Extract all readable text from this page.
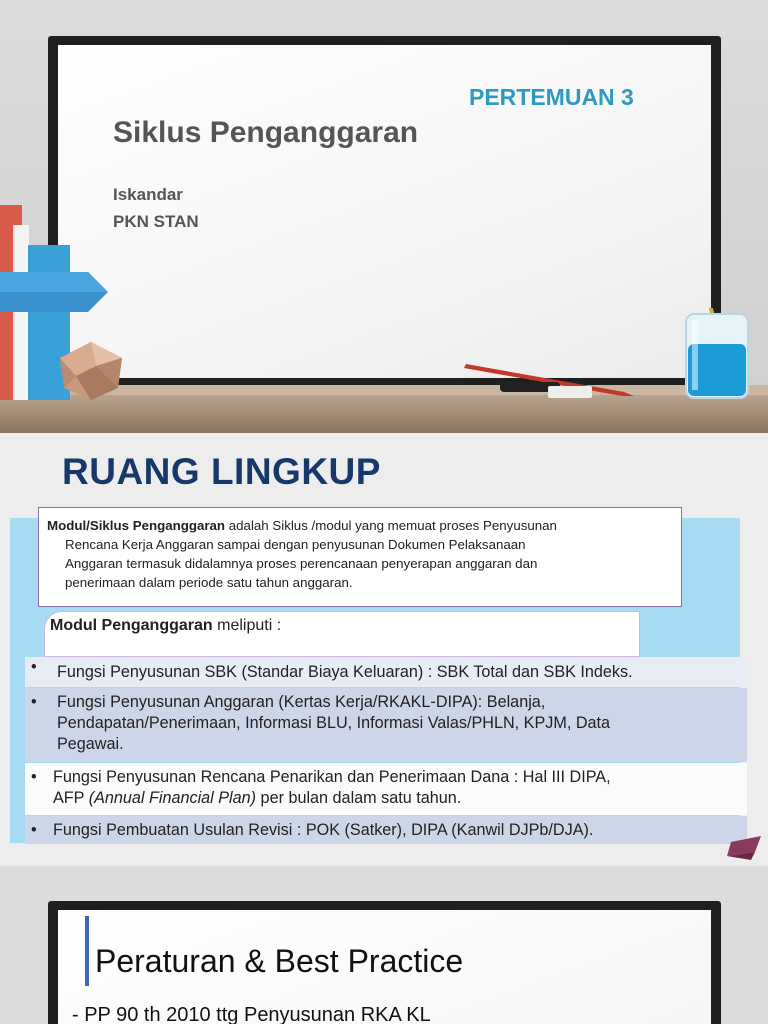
PERTEMUAN 3
Siklus Penganggaran
Iskandar
PKN STAN
RUANG LINGKUP
Modul/Siklus Penganggaran adalah Siklus /modul yang memuat proses Penyusunan
Rencana Kerja Anggaran sampai dengan penyusunan Dokumen Pelaksanaan
Anggaran termasuk didalamnya proses perencanaan penyerapan anggaran dan
penerimaan dalam periode satu tahun anggaran.
Modul Penganggaran meliputi :
• Fungsi Penyusunan SBK (Standar Biaya Keluaran) : SBK Total dan SBK Indeks.
• Fungsi Penyusunan Anggaran (Kertas Kerja/RKAKL-DIPA): Belanja,
Pendapatan/Penerimaan, Informasi BLU, Informasi Valas/PHLN, KPJM, Data
Pegawai.
• Fungsi Penyusunan Rencana Penarikan dan Penerimaan Dana : Hal III DIPA,
AFP (Annual Financial Plan) per bulan dalam satu tahun.
• Fungsi Pembuatan Usulan Revisi : POK (Satker), DIPA (Kanwil DJPb/DJA).
Peraturan & Best Practice
- PP 90 th 2010 ttg Penyusunan RKA KL
